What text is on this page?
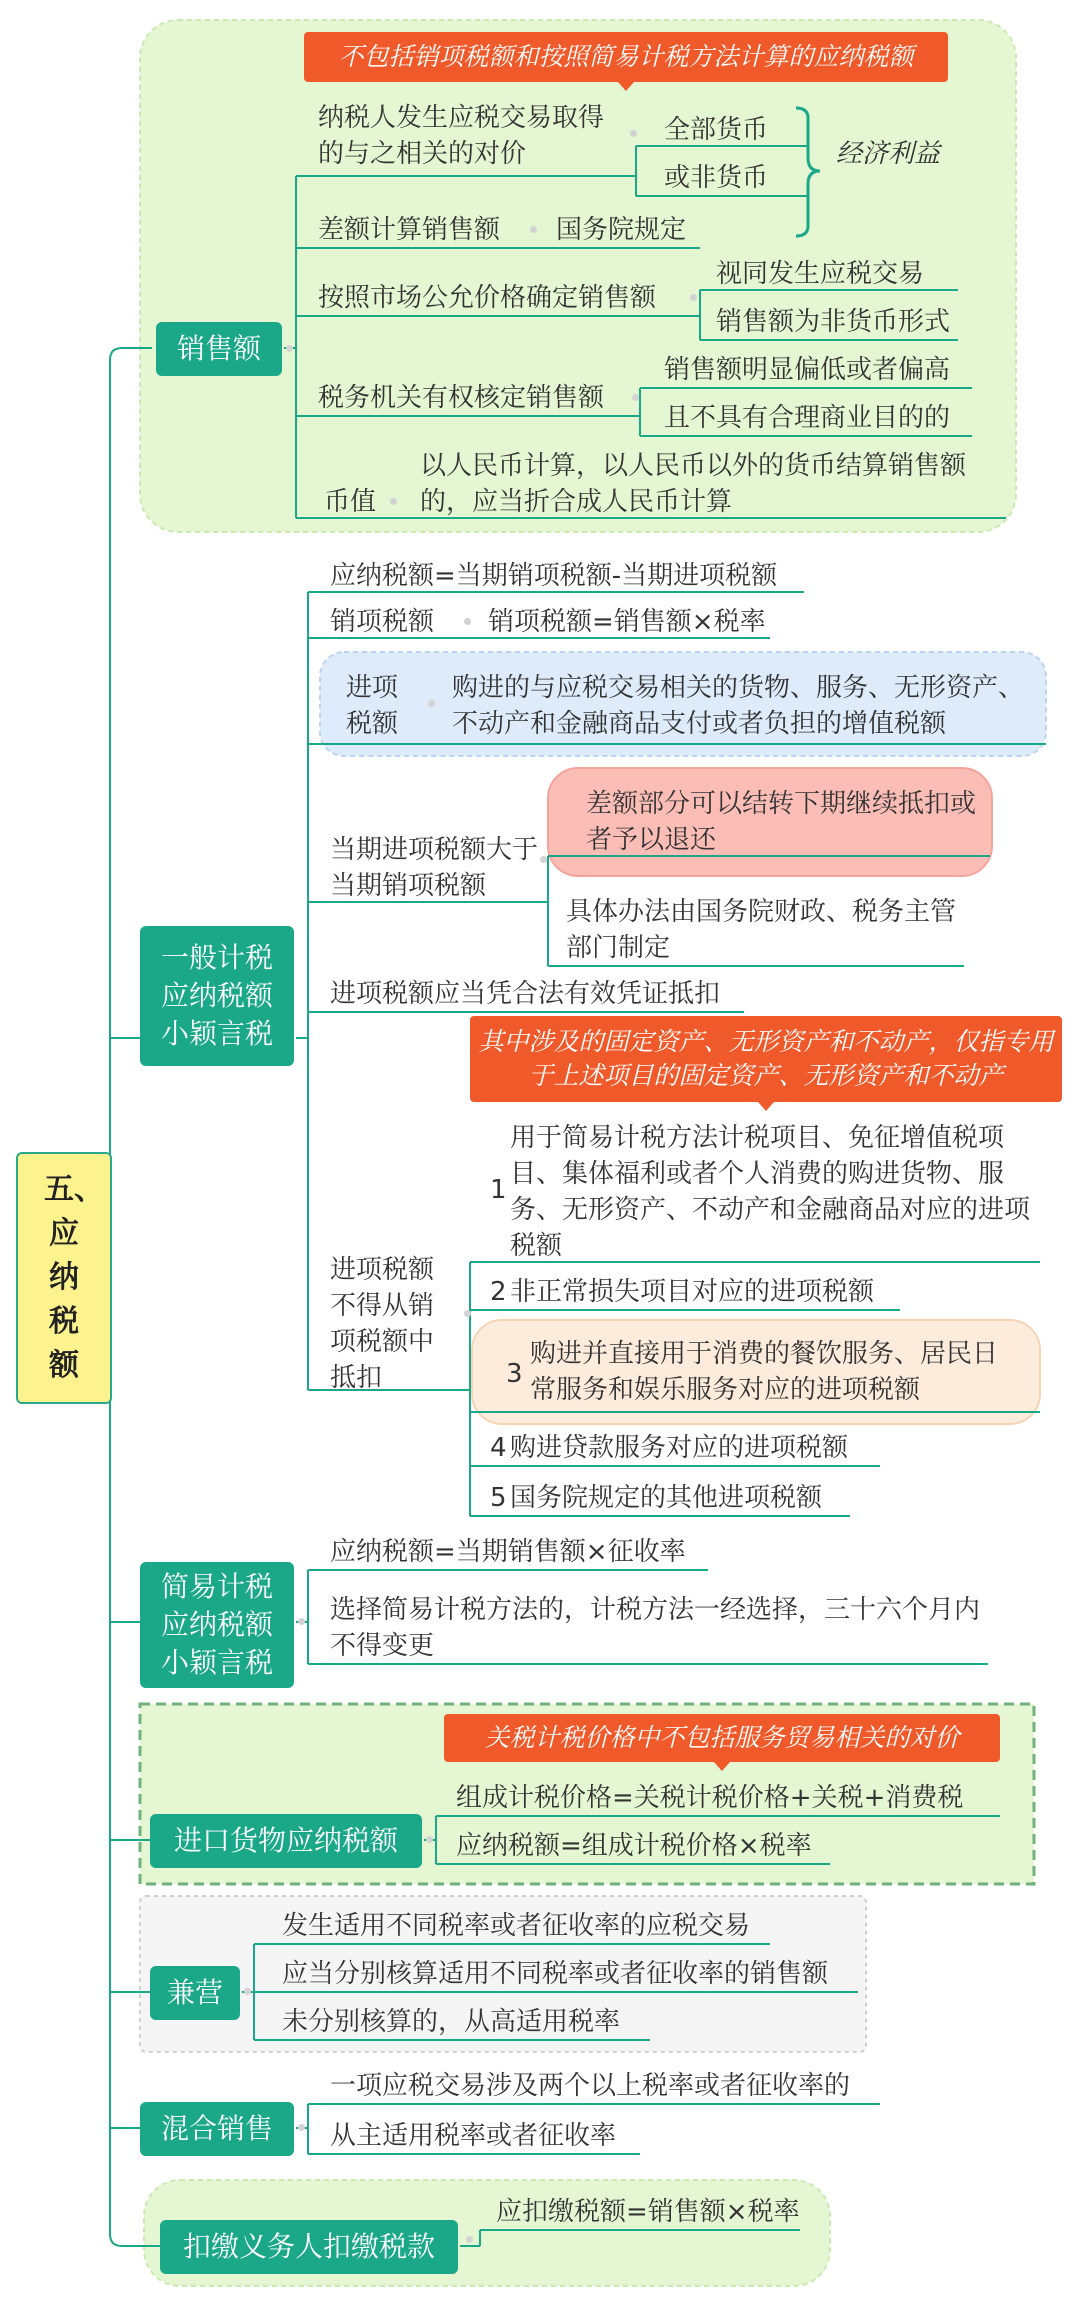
五、应纳税额
不包括销项税额和按照简易计税方法计算的应纳税额
销售额
纳税人发生应税交易取得的与之相关的对价
全部货币
或非货币
经济利益
差额计算销售额 国务院规定
按照市场公允价格确定销售额
视同发生应税交易
销售额为非货币形式
税务机关有权核定销售额
销售额明显偏低或者偏高
且不具有合理商业目的的
币值
以人民币计算，以人民币以外的货币结算销售额的，应当折合成人民币计算
一般计税
应纳税额
小颖言税
应纳税额=当期销项税额-当期进项税额
销项税额 销项税额=销售额×税率
进项
税额
购进的与应税交易相关的货物、服务、无形资产、不动产和金融商品支付或者负担的增值税额
当期进项税额大于当期销项税额
差额部分可以结转下期继续抵扣或者予以退还
具体办法由国务院财政、税务主管部门制定
进项税额应当凭合法有效凭证抵扣
其中涉及的固定资产、无形资产和不动产，仅指专用于上述项目的固定资产、无形资产和不动产
进项税额不得从销项税额中抵扣
1
用于简易计税方法计税项目、免征增值税项目、集体福利或者个人消费的购进货物、服务、无形资产、不动产和金融商品对应的进项税额
2 非正常损失项目对应的进项税额
3
购进并直接用于消费的餐饮服务、居民日常服务和娱乐服务对应的进项税额
4 购进贷款服务对应的进项税额
5 国务院规定的其他进项税额
简易计税
应纳税额
小颖言税
应纳税额=当期销售额×征收率
选择简易计税方法的，计税方法一经选择，三十六个月内不得变更
关税计税价格中不包括服务贸易相关的对价
进口货物应纳税额
组成计税价格=关税计税价格+关税+消费税
应纳税额=组成计税价格×税率
兼营
发生适用不同税率或者征收率的应税交易
应当分别核算适用不同税率或者征收率的销售额
未分别核算的，从高适用税率
混合销售
一项应税交易涉及两个以上税率或者征收率的
从主适用税率或者征收率
扣缴义务人扣缴税款
应扣缴税额=销售额×税率
